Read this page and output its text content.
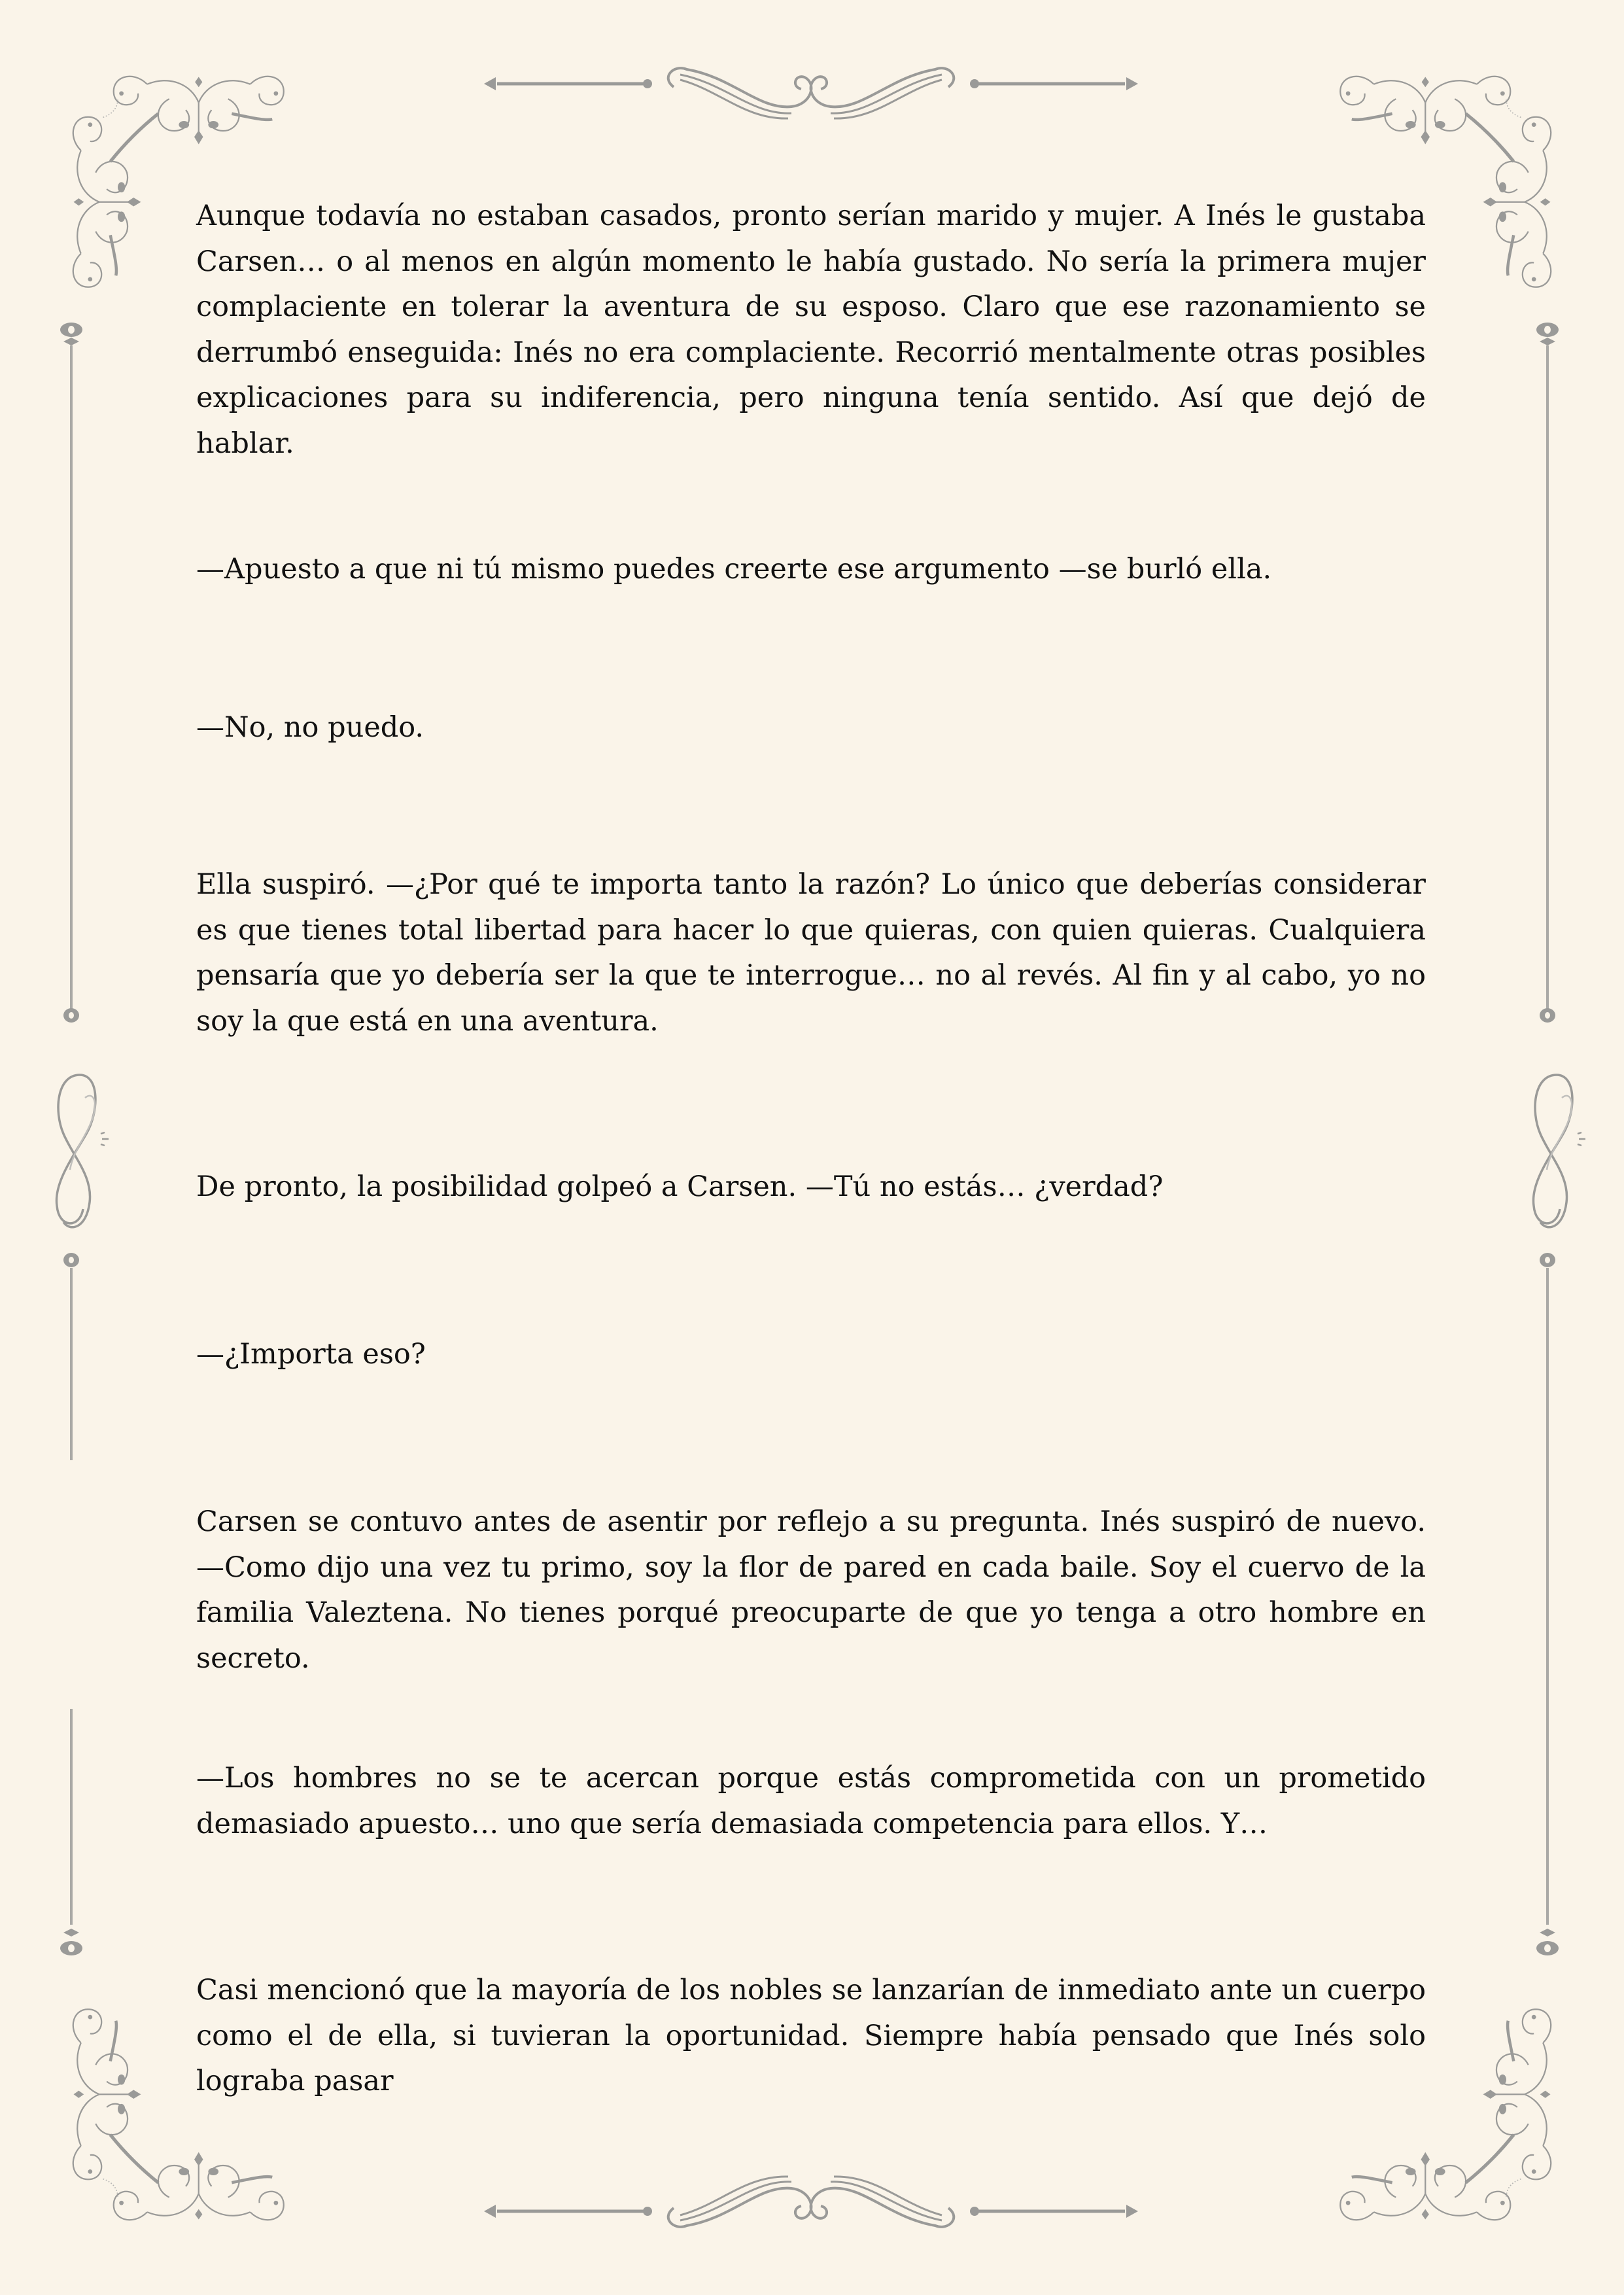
Aunque todavía no estaban casados, pronto serían marido y mujer. A Inés le gustaba Carsen… o al menos en algún momento le había gustado. No sería la primera mujer complaciente en tolerar la aventura de su esposo. Claro que ese razonamiento se derrumbó enseguida: Inés no era complaciente. Recorrió mentalmente otras posibles explicaciones para su indiferencia, pero ninguna tenía sentido. Así que dejó de hablar.

—Apuesto a que ni tú mismo puedes creerte ese argumento —se burló ella.

—No, no puedo.

Ella suspiró. —¿Por qué te importa tanto la razón? Lo único que deberías considerar es que tienes total libertad para hacer lo que quieras, con quien quieras. Cualquiera pensaría que yo debería ser la que te interrogue… no al revés. Al fin y al cabo, yo no soy la que está en una aventura.

De pronto, la posibilidad golpeó a Carsen. —Tú no estás… ¿verdad?

—¿Importa eso?

Carsen se contuvo antes de asentir por reflejo a su pregunta. Inés suspiró de nuevo. —Como dijo una vez tu primo, soy la flor de pared en cada baile. Soy el cuervo de la familia Valeztena. No tienes porqué preocuparte de que yo tenga a otro hombre en secreto.

—Los hombres no se te acercan porque estás comprometida con un prometido demasiado apuesto… uno que sería demasiada competencia para ellos. Y…

Casi mencionó que la mayoría de los nobles se lanzarían de inmediato ante un cuerpo como el de ella, si tuvieran la oportunidad. Siempre había pensado que Inés solo lograba pasar
